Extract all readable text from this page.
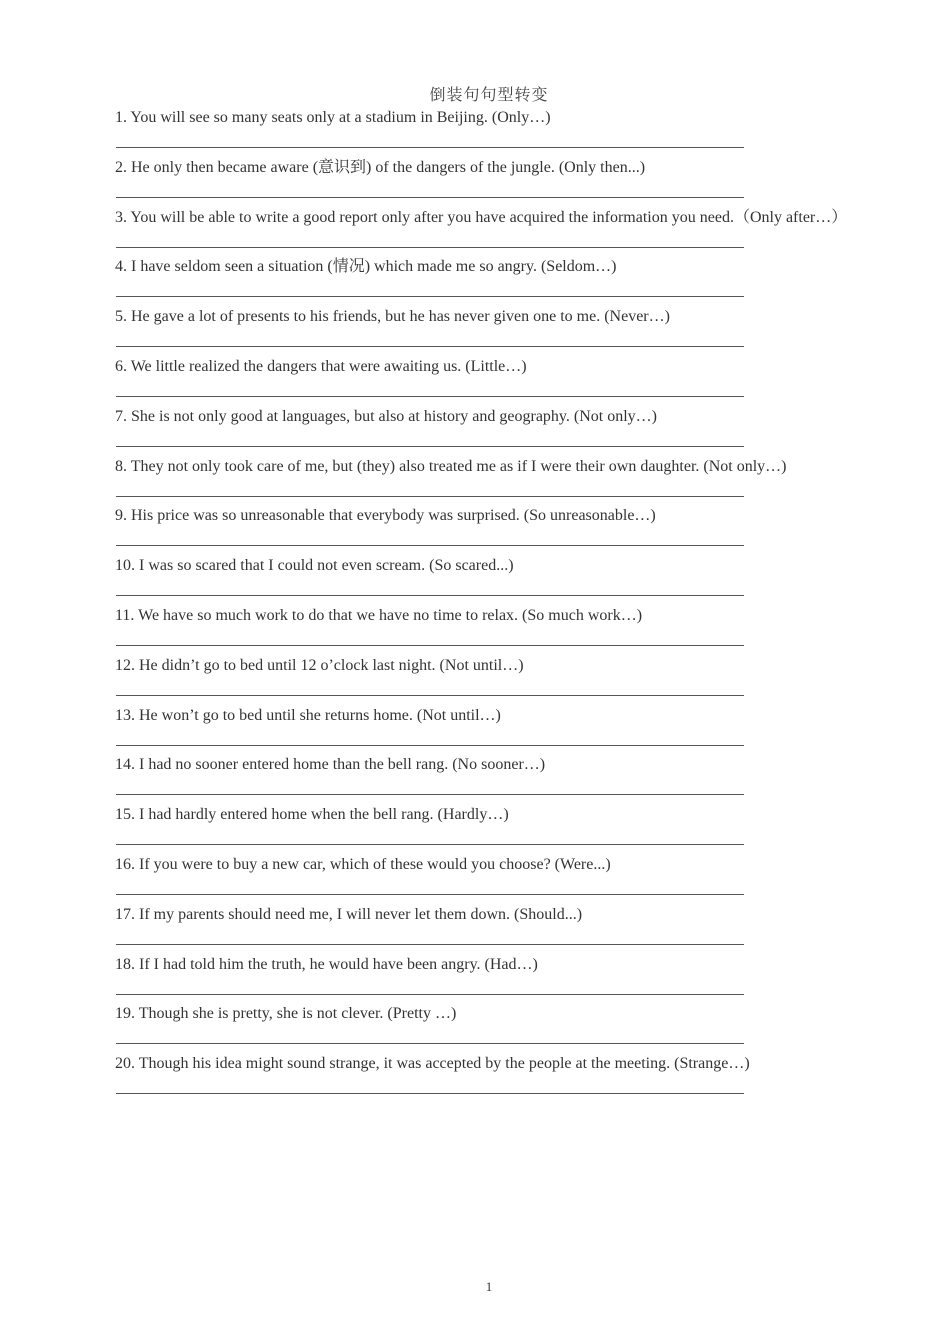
倒装句句型转变
1. You will see so many seats only at a stadium in Beijing. (Only…)
2. He only then became aware (意识到) of the dangers of the jungle. (Only then...)
3. You will be able to write a good report only after you have acquired the information you need.（Only after…）
4. I have seldom seen a situation (情况) which made me so angry. (Seldom…)
5. He gave a lot of presents to his friends, but he has never given one to me. (Never…)
6. We little realized the dangers that were awaiting us. (Little…)
7. She is not only good at languages, but also at history and geography. (Not only…)
8. They not only took care of me, but (they) also treated me as if I were their own daughter. (Not only…)
9. His price was so unreasonable that everybody was surprised. (So unreasonable…)
10. I was so scared that I could not even scream. (So scared...)
11. We have so much work to do that we have no time to relax. (So much work…)
12. He didn’t go to bed until 12 o’clock last night. (Not until…)
13. He won’t go to bed until she returns home. (Not until…)
14. I had no sooner entered home than the bell rang. (No sooner…)
15. I had hardly entered home when the bell rang. (Hardly…)
16. If you were to buy a new car, which of these would you choose? (Were...)
17. If my parents should need me, I will never let them down. (Should...)
18. If I had told him the truth, he would have been angry. (Had…)
19. Though she is pretty, she is not clever. (Pretty …)
20. Though his idea might sound strange, it was accepted by the people at the meeting. (Strange…)
1
